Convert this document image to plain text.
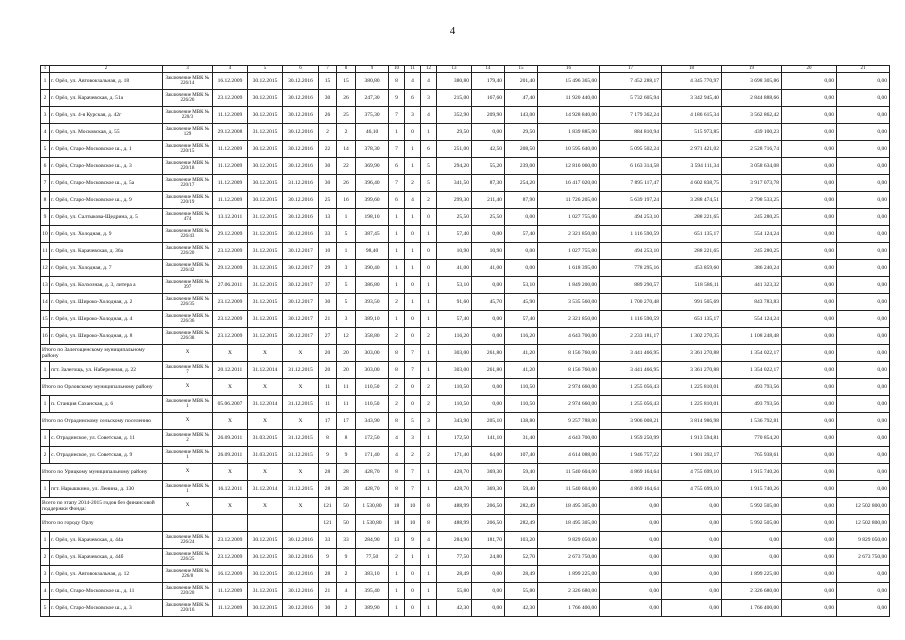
4
1	2	3	4	5	6	7	8	9	10	11	12	13	14	15	16	17	18	19	20	21
1	г. Орёл, ул. Автовокзальная, д. 18	Заключение МВК № 226/14	16.12.2009	30.12.2015	30.12.2016	15	15	380,80	8	4	4	380,80	179,40	201,40	15 496 365,00	7 452 288,17	4 345 770,97	3 698 305,86	0,00	0,00
2	г. Орёл, ул. Карачевская, д. 51а	Заключение МВК № 226/26	23.12.2009	30.12.2015	30.12.2016	30	26	247,30	9	6	3	215,00	167,60	47,40	11 920 440,00	5 732 605,94	3 342 945,40	2 844 888,66	0,00	0,00
3	г. Орёл, ул. 4-я Курская, д. 42г	Заключение МВК № 220/3	11.12.2009	30.12.2015	30.12.2016	26	25	375,30	7	3	4	352,90	209,90	143,00	14 928 840,00	7 179 362,24	4 186 615,34	3 562 862,42	0,00	0,00
4	г. Орёл, ул. Московская, д. 55	Заключение МВК № 129	29.12.2008	31.12.2015	30.12.2016	2	2	46,10	1	0	1	29,50	0,00	29,50	1 839 885,00	884 810,94	515 973,85	439 100,23	0,00	0,00
5	г. Орёл, Старо-Московское ш., д. 1	Заключение МВК № 220/15	11.12.2009	30.12.2015	30.12.2016	22	14	378,30	7	1	6	251,00	42,50	208,50	10 595 640,00	5 095 502,24	2 971 421,02	2 528 716,74	0,00	0,00
6	г. Орёл, Старо-Московское ш., д. 3	Заключение МВК № 220/18	11.12.2009	30.12.2015	30.12.2016	30	22	369,90	6	1	5	294,20	55,20	239,00	12 816 060,00	6 163 314,58	3 594 111,34	3 058 634,08	0,00	0,00
7	г. Орёл, Старо-Московское ш., д. 5а	Заключение МВК № 220/17	11.12.2009	30.12.2015	31.12.2016	30	26	396,40	7	2	5	341,50	87,30	254,20	16 417 020,00	7 895 117,47	4 602 838,75	3 917 073,78	0,00	0,00
8	г. Орёл, Старо-Московское ш., д. 9	Заключение МВК № 220/19	11.12.2009	30.12.2015	30.12.2016	25	16	399,60	6	4	2	299,30	211,40	87,90	11 726 205,00	5 639 197,24	3 288 474,51	2 798 533,25	0,00	0,00
9	г. Орёл, ул. Салтыкова-Щедрина, д. 5	Заключение МВК № 474	13.12.2011	31.12.2015	30.12.2016	13	1	198,10	1	1	0	25,50	25,50	0,00	1 027 755,00	494 253,10	288 221,65	245 280,25	0,00	0,00
10	г. Орёл, ул. Холодная, д. 9	Заключение МВК № 226/43	29.12.2009	31.12.2015	30.12.2016	33	5	387,45	1	0	1	57,40	0,00	57,40	2 321 850,00	1 116 590,59	651 135,17	554 124,24	0,00	0,00
11	г. Орёл, ул. Карачевская, д. 36а	Заключение МВК № 226/20	23.12.2009	31.12.2015	30.12.2017	10	1	98,40	1	1	0	10,90	10,90	0,00	1 027 755,00	494 253,10	288 221,65	245 280,25	0,00	0,00
12	г. Орёл, ул. Холодная, д. 7	Заключение МВК № 226/42	29.12.2009	31.12.2015	30.12.2017	29	3	390,40	1	1	0	41,00	41,00	0,00	1 618 395,00	778 295,16	453 859,60	386 240,24	0,00	0,00
13	г. Орёл, ул. Колхозная, д. 3, литера а	Заключение МВК № 397	27.06.2011	31.12.2015	30.12.2017	37	5	386,80	1	0	1	53,10	0,00	53,10	1 849 200,00	889 290,57	518 586,11	441 323,32	0,00	0,00
14	г. Орёл, ул. Широко-Холодная, д. 2	Заключение МВК № 226/35	23.12.2009	31.12.2015	30.12.2017	30	5	393,50	2	1	1	91,60	45,70	45,90	3 535 560,00	1 700 270,48	991 505,69	843 783,83	0,00	0,00
15	г. Орёл, ул. Широко-Холодная, д. 4	Заключение МВК № 226/36	23.12.2009	31.12.2015	30.12.2017	21	3	389,10	1	0	1	57,40	0,00	57,40	2 321 850,00	1 116 590,59	651 135,17	554 124,24	0,00	0,00
16	г. Орёл, ул. Широко-Холодная, д. 8	Заключение МВК № 226/38	23.12.2009	31.12.2015	30.12.2017	27	12	358,80	2	0	2	116,20	0,00	116,20	4 643 700,00	2 233 181,17	1 302 270,35	1 108 248,48	0,00	0,00
Итого по Залегощенскому муниципальному району		X	X	X	X	20	20	303,00	8	7	1	303,00	261,80	41,20	8 156 760,00	3 441 466,95	3 361 270,88	1 354 022,17	0,00	0,00
1	пгт. Залегощь, ул. Набережная, д. 22	Заключение МВК № 7	20.12.2011	31.12.2014	31.12.2015	20	20	303,00	8	7	1	303,00	261,80	41,20	8 156 760,00	3 441 466,95	3 361 270,88	1 354 022,17	0,00	0,00
Итого по Орловскому муниципальному району		X	X	X	X	11	11	110,50	2	0	2	110,50	0,00	110,50	2 974 660,00	1 255 056,43	1 225 810,01	493 793,56	0,00	0,00
1	п. Станция Саханская, д. 6	Заключение МВК № 1	05.06.2007	31.12.2014	31.12.2015	11	11	110,50	2	0	2	110,50	0,00	110,50	2 974 660,00	1 255 056,43	1 225 810,01	493 793,56	0,00	0,00
Итого по Отрадинскому сельскому поселению		X	X	X	X	17	17	343,90	8	5	3	343,90	205,10	138,80	9 257 788,00	3 906 008,21	3 814 986,98	1 536 792,81	0,00	0,00
1	с. Отрадинское, ул. Советская, д. 11	Заключение МВК № 2	26.09.2011	31.03.2015	31.12.2015	8	8	172,50	4	3	1	172,50	141,10	31,40	4 643 700,00	1 959 250,99	1 913 594,81	770 854,20	0,00	0,00
2	с. Отрадинское, ул. Советская, д. 9	Заключение МВК № 1	26.09.2011	31.03.2015	31.12.2015	9	9	171,40	4	2	2	171,40	64,00	107,40	4 614 088,00	1 946 757,22	1 901 392,17	765 938,61	0,00	0,00
Итого по Урицкому муниципальному району		X	X	X	X	28	28	428,70	8	7	1	428,70	369,30	59,40	11 540 604,00	4 869 164,64	4 755 699,10	1 915 740,26	0,00	0,00
1	пгт. Нарышкино, ул. Ленина, д. 130	Заключение МВК № 1	16.12.2011	31.12.2014	31.12.2015	28	28	428,70	8	7	1	428,70	369,30	59,40	11 540 604,00	4 869 164,64	4 755 699,10	1 915 740,26	0,00	0,00
Всего по этапу 2014-2015 годов без финансовой поддержки Фонда:		X	X	X	X	121	50	1 530,80	18	10	8	488,99	206,50	282,49	18 495 305,00	0,00	0,00	5 992 505,00	0,00	12 502 800,00
Итого по городу Орлу						121	50	1 530,80	18	10	8	488,99	206,50	282,49	18 495 305,00	0,00	0,00	5 992 505,00	0,00	12 502 800,00
1	г. Орёл, ул. Карачевская, д. 44а	Заключение МВК № 226/24	23.12.2009	30.12.2015	30.12.2016	33	33	284,90	13	9	4	284,90	181,70	103,20	9 829 050,00	0,00	0,00	0,00	0,00	9 829 050,00
2	г. Орёл, ул. Карачевская, д. 44б	Заключение МВК № 226/25	23.12.2009	30.12.2015	30.12.2016	9	9	77,50	2	1	1	77,50	24,80	52,70	2 673 750,00	0,00	0,00	0,00	0,00	2 673 750,00
3	г. Орёл, ул. Автовокзальная, д. 12	Заключение МВК № 226/8	16.12.2009	30.12.2015	30.12.2016	28	2	383,10	1	0	1	28,49	0,00	28,49	1 899 225,00	0,00	0,00	1 899 225,00	0,00	0,00
4	г. Орёл, Старо-Московское ш., д. 11	Заключение МВК № 220/20	11.12.2009	31.12.2015	30.12.2016	21	4	395,40	1	0	1	55,80	0,00	55,80	2 326 680,00	0,00	0,00	2 326 680,00	0,00	0,00
5	г. Орёл, Старо-Московское ш., д. 3	Заключение МВК № 220/16	11.12.2009	30.12.2015	30.12.2016	30	2	389,90	1	0	1	42,30	0,00	42,30	1 766 400,00	0,00	0,00	1 766 400,00	0,00	0,00
